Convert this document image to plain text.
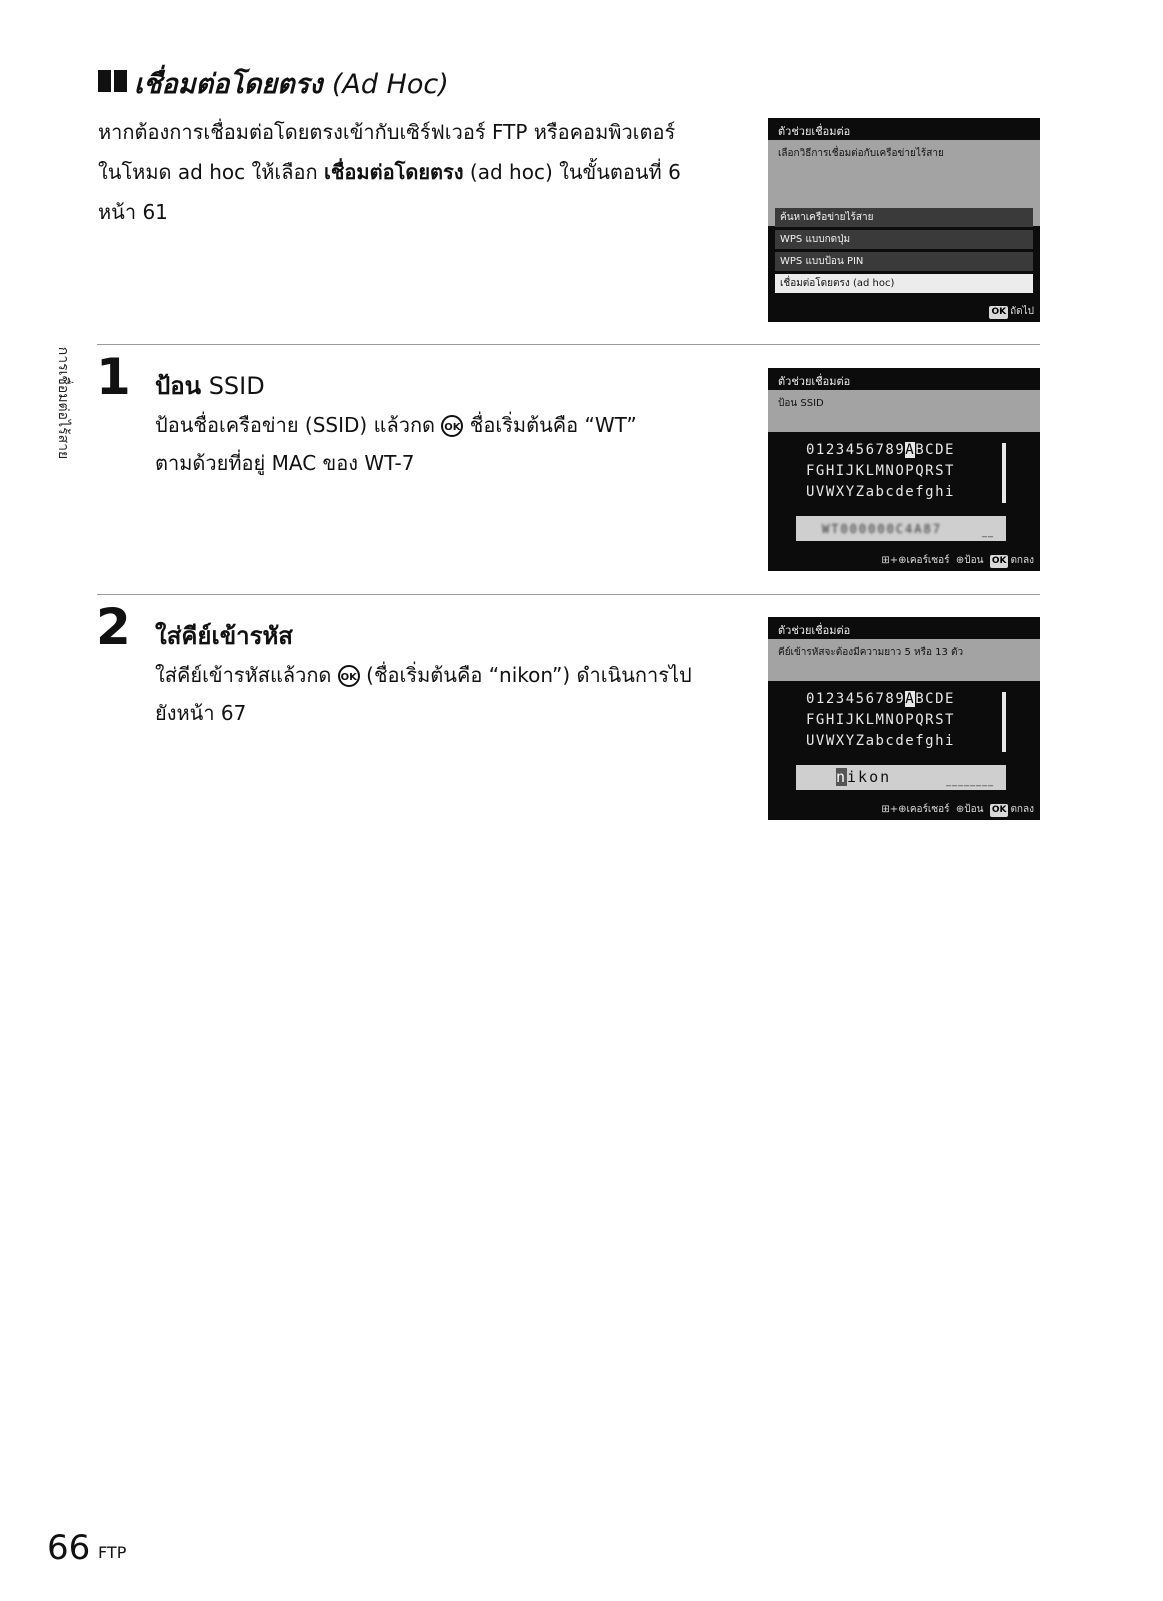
เชื่อมต่อโดยตรง (Ad Hoc)
หากต้องการเชื่อมต่อโดยตรงเข้ากับเซิร์ฟเวอร์ FTP หรือคอมพิวเตอร์
ในโหมด ad hoc ให้เลือก เชื่อมต่อโดยตรง (ad hoc) ในขั้นตอนที่ 6
หน้า 61
ตัวช่วยเชื่อมต่อ
เลือกวิธีการเชื่อมต่อกับเครือข่ายไร้สาย
ค้นหาเครือข่ายไร้สาย
WPS แบบกดปุ่ม
WPS แบบป้อน PIN
เชื่อมต่อโดยตรง (ad hoc)
OK ถัดไป
การเชื่อมต่อไร้สาย 1 ป้อน SSID
ป้อนชื่อเครือข่าย (SSID) แล้วกด OK ชื่อเริ่มต้นคือ “WT”
ตามด้วยที่อยู่ MAC ของ WT-7
ตัวช่วยเชื่อมต่อ
ป้อน SSID
0123456789ABCDE
FGHIJKLMNOPQRST
UVWXYZabcdefghi
WT000000C4A87	__
⊞+⊕เคอร์เซอร์ ⊕ป้อน OK ตกลง
2 ใส่คีย์เข้ารหัส
ใส่คีย์เข้ารหัสแล้วกด OK (ชื่อเริ่มต้นคือ “nikon”) ดำเนินการไป
ยังหน้า 67
ตัวช่วยเชื่อมต่อ
คีย์เข้ารหัสจะต้องมีความยาว 5 หรือ 13 ตัว
0123456789ABCDE
FGHIJKLMNOPQRST
UVWXYZabcdefghi
nikon	________
⊞+⊕เคอร์เซอร์ ⊕ป้อน OK ตกลง
66 FTP
